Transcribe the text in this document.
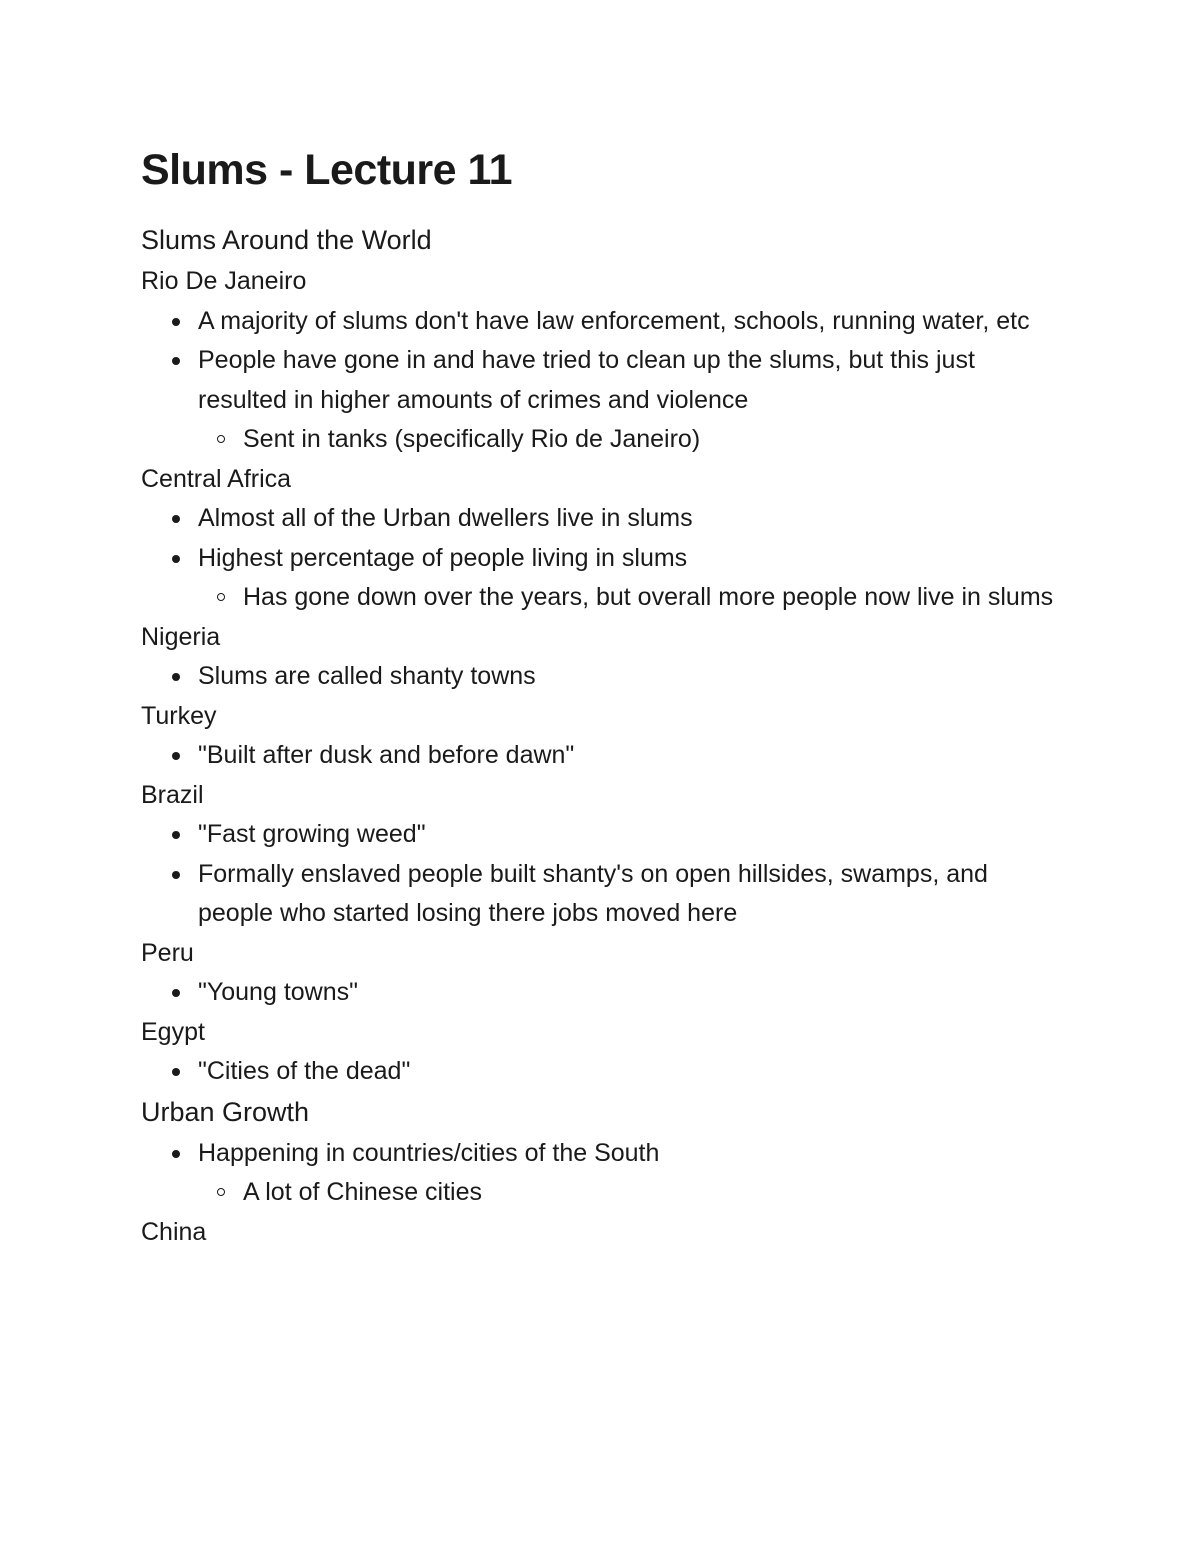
Slums - Lecture 11
Slums Around the World
Rio De Janeiro
A majority of slums don't have law enforcement, schools, running water, etc
People have gone in and have tried to clean up the slums, but this just resulted in higher amounts of crimes and violence
Sent in tanks (specifically Rio de Janeiro)
Central Africa
Almost all of the Urban dwellers live in slums
Highest percentage of people living in slums
Has gone down over the years, but overall more people now live in slums
Nigeria
Slums are called shanty towns
Turkey
"Built after dusk and before dawn"
Brazil
"Fast growing weed"
Formally enslaved people built shanty's on open hillsides, swamps, and people who started losing there jobs moved here
Peru
"Young towns"
Egypt
"Cities of the dead"
Urban Growth
Happening in countries/cities of the South
A lot of Chinese cities
China
